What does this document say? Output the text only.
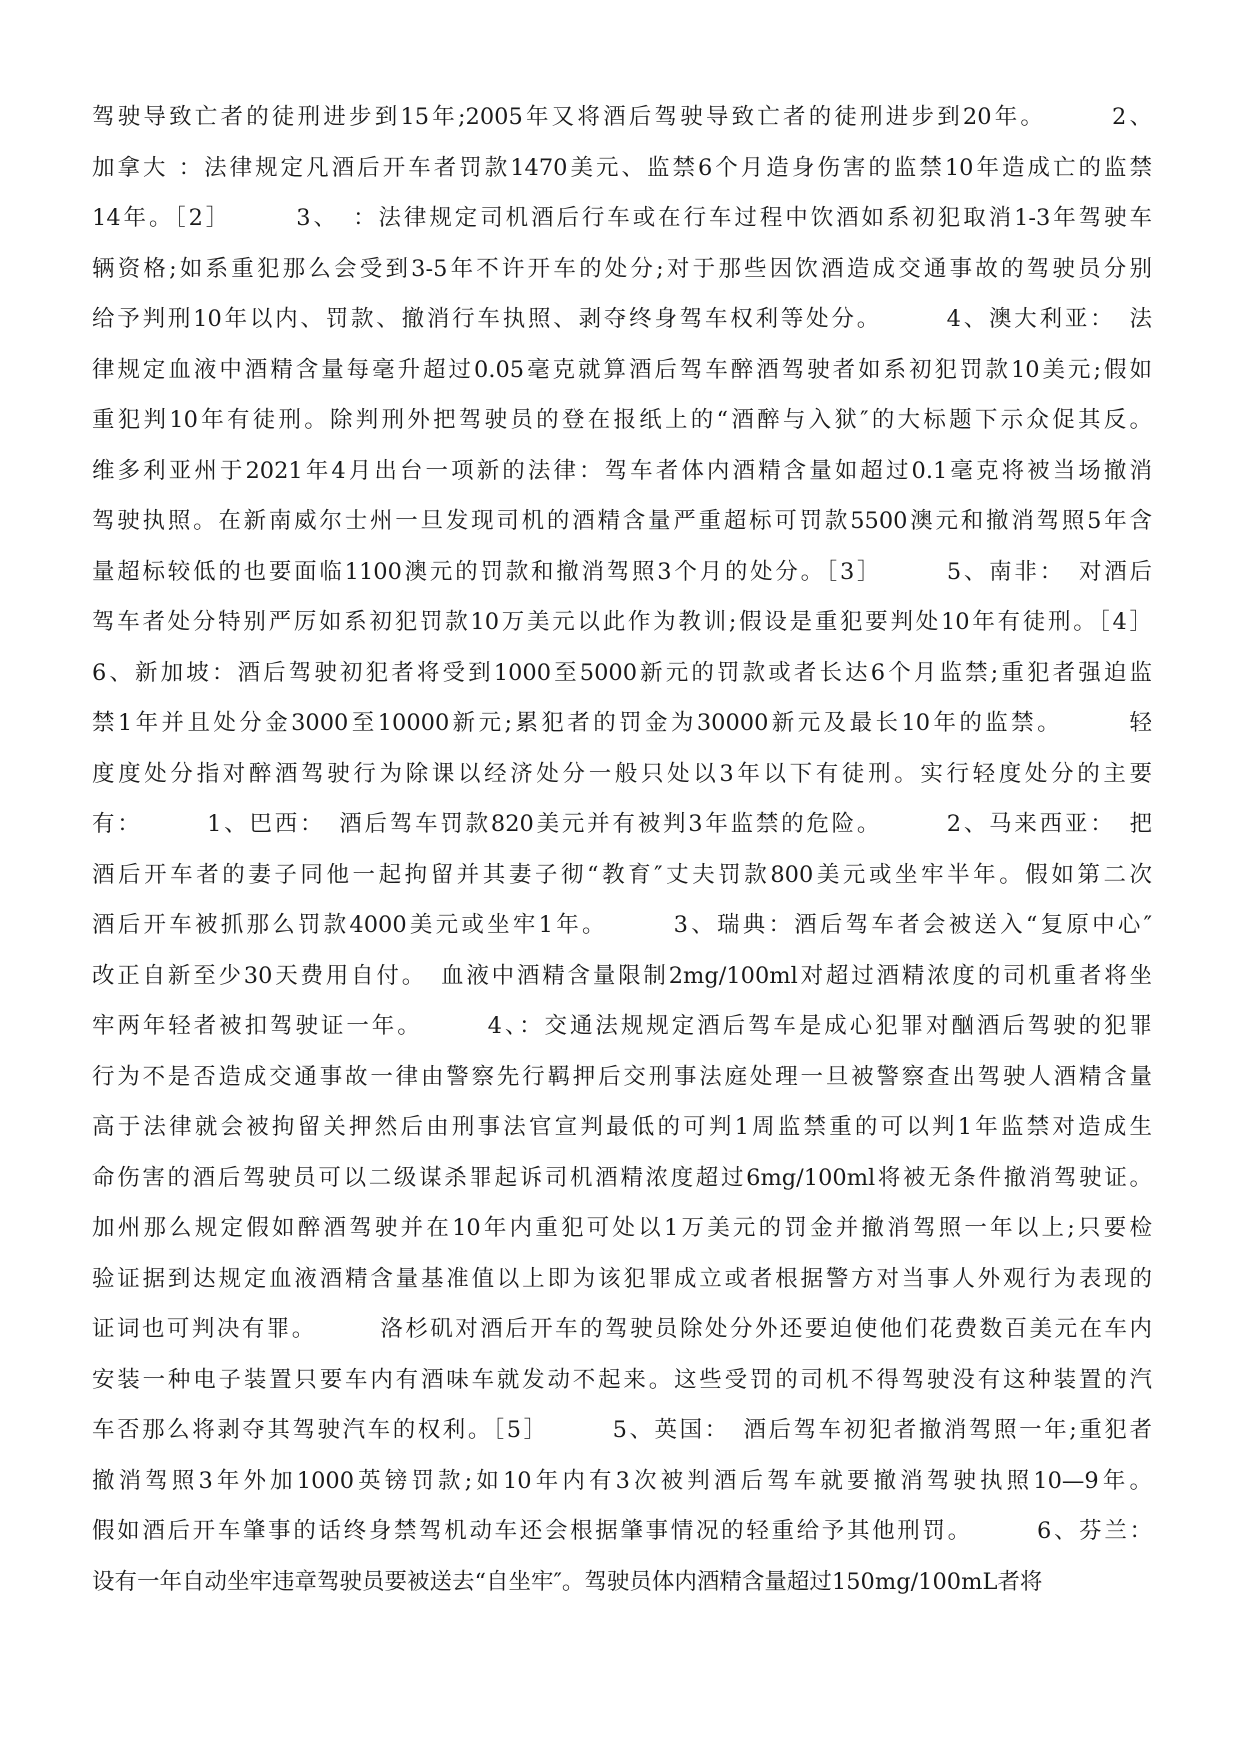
驾驶导致亡者的徒刑进步到15年;2005年又将酒后驾驶导致亡者的徒刑进步到20年。　　　2、
加拿大 ：法律规定凡酒后开车者罚款1470美元、监禁6个月造身伤害的监禁10年造成亡的监禁
14年。［2］　　　3、　：法律规定司机酒后行车或在行车过程中饮酒如系初犯取消1-3年驾驶车
辆资格;如系重犯那么会受到3-5年不许开车的处分;对于那些因饮酒造成交通事故的驾驶员分别
给予判刑10年以内、罚款、撤消行车执照、剥夺终身驾车权利等处分。　　　4、澳大利亚：　法
律规定血液中酒精含量每毫升超过0.05毫克就算酒后驾车醉酒驾驶者如系初犯罚款10美元;假如
重犯判10年有徒刑。除判刑外把驾驶员的登在报纸上的“酒醉与入狱″的大标题下示众促其反。
维多利亚州于2021年4月出台一项新的法律：驾车者体内酒精含量如超过0.1毫克将被当场撤消
驾驶执照。在新南威尔士州一旦发现司机的酒精含量严重超标可罚款5500澳元和撤消驾照5年含
量超标较低的也要面临1100澳元的罚款和撤消驾照3个月的处分。［3］　　　5、南非：　对酒后
驾车者处分特别严厉如系初犯罚款10万美元以此作为教训;假设是重犯要判处10年有徒刑。［4］
6、新加坡：酒后驾驶初犯者将受到1000至5000新元的罚款或者长达6个月监禁;重犯者强迫监
禁1年并且处分金3000至10000新元;累犯者的罚金为30000新元及最长10年的监禁。　　　轻
度度处分指对醉酒驾驶行为除课以经济处分一般只处以3年以下有徒刑。实行轻度处分的主要
有：　　　1、巴西：　酒后驾车罚款820美元并有被判3年监禁的危险。　　　2、马来西亚：　把
酒后开车者的妻子同他一起拘留并其妻子彻“教育″丈夫罚款800美元或坐牢半年。假如第二次
酒后开车被抓那么罚款4000美元或坐牢1年。　　　3、瑞典：酒后驾车者会被送入“复原中心″
改正自新至少30天费用自付。　血液中酒精含量限制2mg/100ml对超过酒精浓度的司机重者将坐
牢两年轻者被扣驾驶证一年。　　　4、：交通法规规定酒后驾车是成心犯罪对酗酒后驾驶的犯罪
行为不是否造成交通事故一律由警察先行羁押后交刑事法庭处理一旦被警察查出驾驶人酒精含量
高于法律就会被拘留关押然后由刑事法官宣判最低的可判1周监禁重的可以判1年监禁对造成生
命伤害的酒后驾驶员可以二级谋杀罪起诉司机酒精浓度超过6mg/100ml将被无条件撤消驾驶证。
加州那么规定假如醉酒驾驶并在10年内重犯可处以1万美元的罚金并撤消驾照一年以上;只要检
验证据到达规定血液酒精含量基准值以上即为该犯罪成立或者根据警方对当事人外观行为表现的
证词也可判决有罪。　　　洛杉矶对酒后开车的驾驶员除处分外还要迫使他们花费数百美元在车内
安装一种电子装置只要车内有酒味车就发动不起来。这些受罚的司机不得驾驶没有这种装置的汽
车否那么将剥夺其驾驶汽车的权利。［5］　　　5、英国：　酒后驾车初犯者撤消驾照一年;重犯者
撤消驾照3年外加1000英镑罚款;如10年内有3次被判酒后驾车就要撤消驾驶执照10—9年。
假如酒后开车肇事的话终身禁驾机动车还会根据肇事情况的轻重给予其他刑罚。　　　6、芬兰：
设有一年自动坐牢违章驾驶员要被送去“自坐牢″。驾驶员体内酒精含量超过150mg/100mL者将
